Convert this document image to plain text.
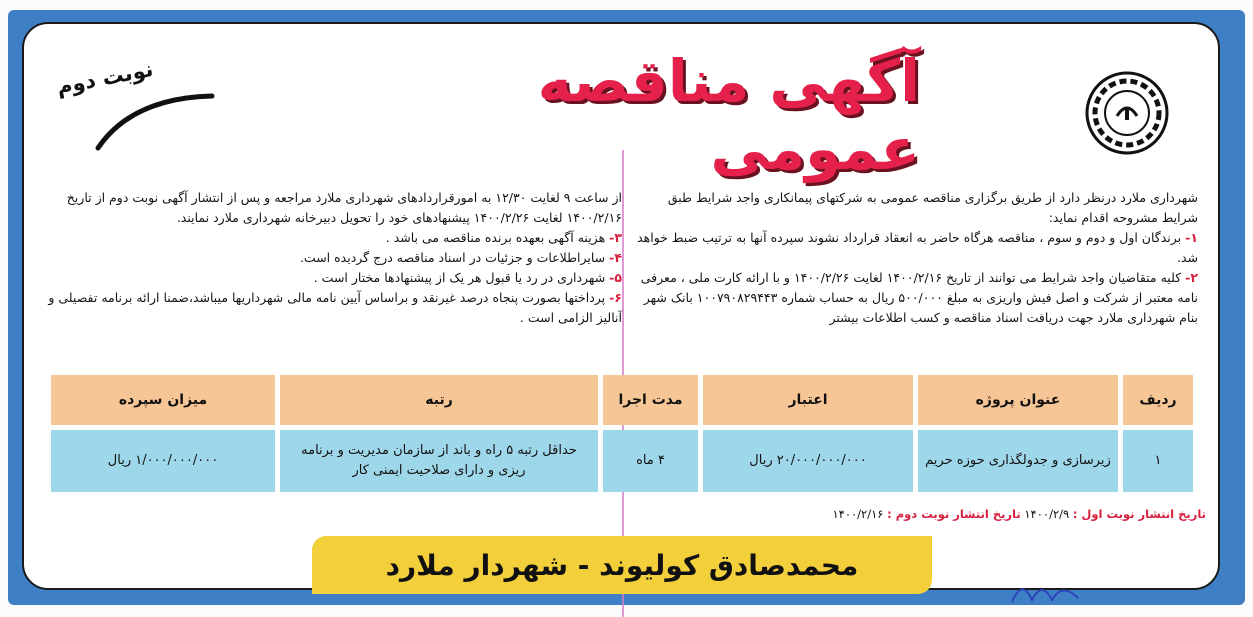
نوبت دوم	آگهی مناقصه عمومی

شهرداری ملارد درنظر دارد از طریق برگزاری مناقصه عمومی به شرکتهای پیمانکاری واجد شرایط طبق شرایط مشروحه اقدام نماید:

۱- برندگان اول و دوم و سوم ، مناقصه هرگاه حاضر به انعقاد قرارداد نشوند سپرده آنها به ترتیب ضبط خواهد شد.

۲- کلیه متقاضیان واجد شرایط می توانند از تاریخ ۱۴۰۰/۲/۱۶ لغایت ۱۴۰۰/۲/۲۶ و با ارائه کارت ملی ، معرفی نامه معتبر از شرکت و اصل فیش واریزی به مبلغ ۵۰۰/۰۰۰ ریال به حساب شماره ۱۰۰۷۹۰۸۲۹۴۴۳ بانک شهر بنام شهرداری ملارد جهت دریافت اسناد مناقصه و کسب اطلاعات بیشتر

از ساعت ۹ لغایت ۱۲/۳۰ به امورقراردادهای شهرداری ملارد مراجعه و پس از انتشار آگهی نوبت دوم از تاریخ ۱۴۰۰/۲/۱۶ لغایت ۱۴۰۰/۲/۲۶ پیشنهادهای خود را تحویل دبیرخانه شهرداری ملارد نمایند.

۳- هزینه آگهی بعهده برنده مناقصه می باشد .

۴- سایراطلاعات و جزئیات در اسناد مناقصه درج گردیده است.

۵- شهرداری در رد یا قبول هر یک از پیشنهادها مختار است .

۶- پرداختها بصورت پنجاه درصد غیرنقد و براساس آیین نامه مالی شهرداریها میباشد،ضمنا ارائه برنامه تفصیلی و آنالیز الزامی است .

ردیف	عنوان پروژه	اعتبار	مدت اجرا	رتبه	میزان سپرده
۱	زیرسازی و جدولگذاری حوزه حریم	۲۰/۰۰۰/۰۰۰/۰۰۰ ریال	۴ ماه	حداقل رتبه ۵ راه و باند از سازمان مدیریت و برنامه ریزی و دارای صلاحیت ایمنی کار	۱/۰۰۰/۰۰۰/۰۰۰ ریال
تاریخ انتشار نوبت اول : ۱۴۰۰/۲/۹ تاریخ انتشار نوبت دوم : ۱۴۰۰/۲/۱۶
محمدصادق کولیوند - شهردار ملارد
